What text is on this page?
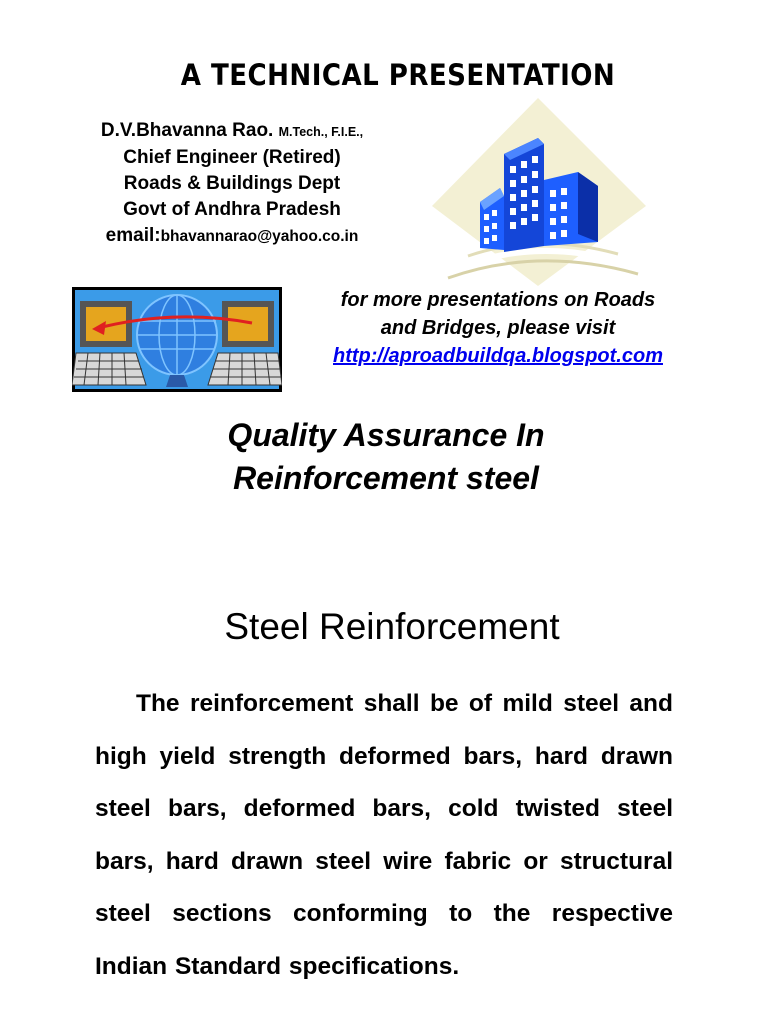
A TECHNICAL PRESENTATION
D.V.Bhavanna Rao. M.Tech., F.I.E.,
Chief Engineer (Retired)
Roads & Buildings Dept
Govt of Andhra Pradesh
email:bhavannarao@yahoo.co.in
for more presentations on Roads
and Bridges, please visit
http://aproadbuildqa.blogspot.com
Quality Assurance In
Reinforcement steel
Steel Reinforcement
The reinforcement shall be of mild steel and high yield strength deformed bars, hard drawn steel bars, deformed bars, cold twisted steel bars, hard drawn steel wire fabric or structural steel sections conforming to the respective Indian Standard specifications.
